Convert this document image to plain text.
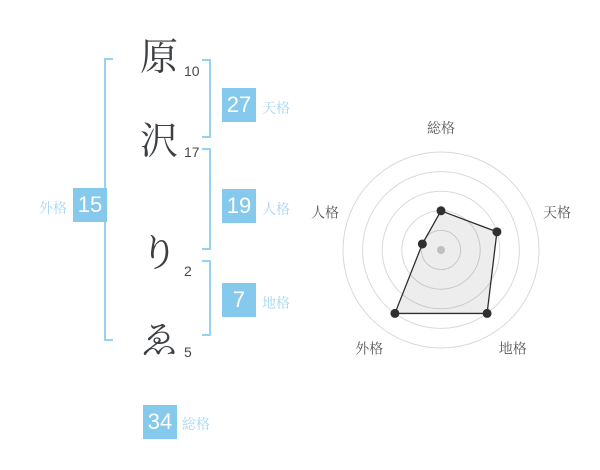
原
沢
り
ゑ
10
17
2
5
27 天格
19 人格
7	地格
外格 15
34 総格
総格
天格
地格
外格
人格
